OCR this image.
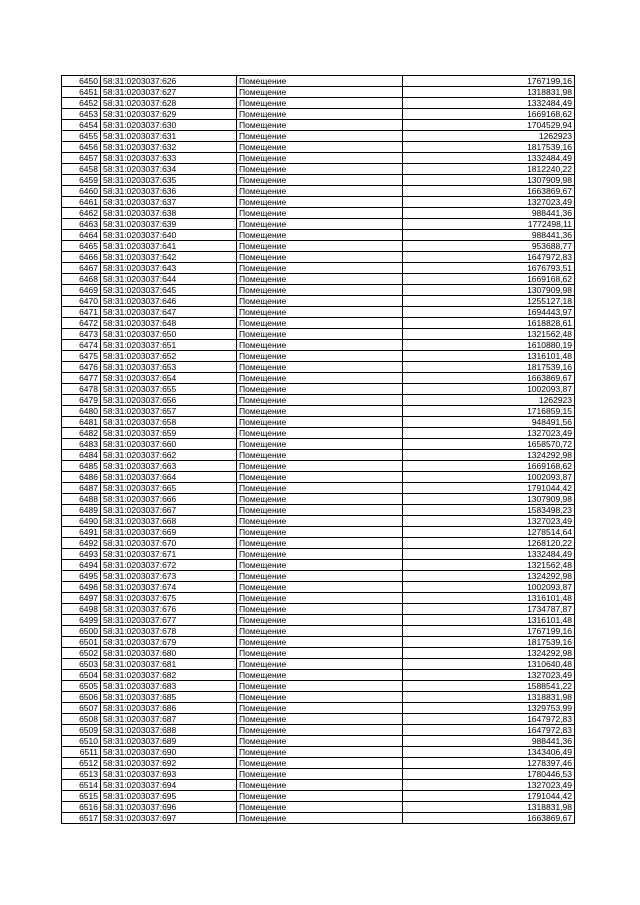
6450	58:31:0203037:626	Помещение	1767199,16
6451	58:31:0203037:627	Помещение	1318831,98
6452	58:31:0203037:628	Помещение	1332484,49
6453	58:31:0203037:629	Помещение	1669168,62
6454	58:31:0203037:630	Помещение	1704529,94
6455	58:31:0203037:631	Помещение	1262923
6456	58:31:0203037:632	Помещение	1817539,16
6457	58:31:0203037:633	Помещение	1332484,49
6458	58:31:0203037:634	Помещение	1812240,22
6459	58:31:0203037:635	Помещение	1307909,98
6460	58:31:0203037:636	Помещение	1663869,67
6461	58:31:0203037:637	Помещение	1327023,49
6462	58:31:0203037:638	Помещение	988441,36
6463	58:31:0203037:639	Помещение	1772498,11
6464	58:31:0203037:640	Помещение	988441,36
6465	58:31:0203037:641	Помещение	953688,77
6466	58:31:0203037:642	Помещение	1647972,83
6467	58:31:0203037:643	Помещение	1676793,51
6468	58:31:0203037:644	Помещение	1669168,62
6469	58:31:0203037:645	Помещение	1307909,98
6470	58:31:0203037:646	Помещение	1255127,18
6471	58:31:0203037:647	Помещение	1694443,97
6472	58:31:0203037:648	Помещение	1618828,61
6473	58:31:0203037:650	Помещение	1321562,48
6474	58:31:0203037:651	Помещение	1610880,19
6475	58:31:0203037:652	Помещение	1316101,48
6476	58:31:0203037:653	Помещение	1817539,16
6477	58:31:0203037:654	Помещение	1663869,67
6478	58:31:0203037:655	Помещение	1002093,87
6479	58:31:0203037:656	Помещение	1262923
6480	58:31:0203037:657	Помещение	1716859,15
6481	58:31:0203037:658	Помещение	948491,56
6482	58:31:0203037:659	Помещение	1327023,49
6483	58:31:0203037:660	Помещение	1658570,72
6484	58:31:0203037:662	Помещение	1324292,98
6485	58:31:0203037:663	Помещение	1669168,62
6486	58:31:0203037:664	Помещение	1002093,87
6487	58:31:0203037:665	Помещение	1791044,42
6488	58:31:0203037:666	Помещение	1307909,98
6489	58:31:0203037:667	Помещение	1583498,23
6490	58:31:0203037:668	Помещение	1327023,49
6491	58:31:0203037:669	Помещение	1278514,64
6492	58:31:0203037:670	Помещение	1268120,22
6493	58:31:0203037:671	Помещение	1332484,49
6494	58:31:0203037:672	Помещение	1321562,48
6495	58:31:0203037:673	Помещение	1324292,98
6496	58:31:0203037:674	Помещение	1002093,87
6497	58:31:0203037:675	Помещение	1316101,48
6498	58:31:0203037:676	Помещение	1734787,87
6499	58:31:0203037:677	Помещение	1316101,48
6500	58:31:0203037:678	Помещение	1767199,16
6501	58:31:0203037:679	Помещение	1817539,16
6502	58:31:0203037:680	Помещение	1324292,98
6503	58:31:0203037:681	Помещение	1310640,48
6504	58:31:0203037:682	Помещение	1327023,49
6505	58:31:0203037:683	Помещение	1588541,22
6506	58:31:0203037:685	Помещение	1318831,98
6507	58:31:0203037:686	Помещение	1329753,99
6508	58:31:0203037:687	Помещение	1647972,83
6509	58:31:0203037:688	Помещение	1647972,83
6510	58:31:0203037:689	Помещение	988441,36
6511	58:31:0203037:690	Помещение	1343406,49
6512	58:31:0203037:692	Помещение	1278397,46
6513	58:31:0203037:693	Помещение	1780446,53
6514	58:31:0203037:694	Помещение	1327023,49
6515	58:31:0203037:695	Помещение	1791044,42
6516	58:31:0203037:696	Помещение	1318831,98
6517	58:31:0203037:697	Помещение	1663869,67
